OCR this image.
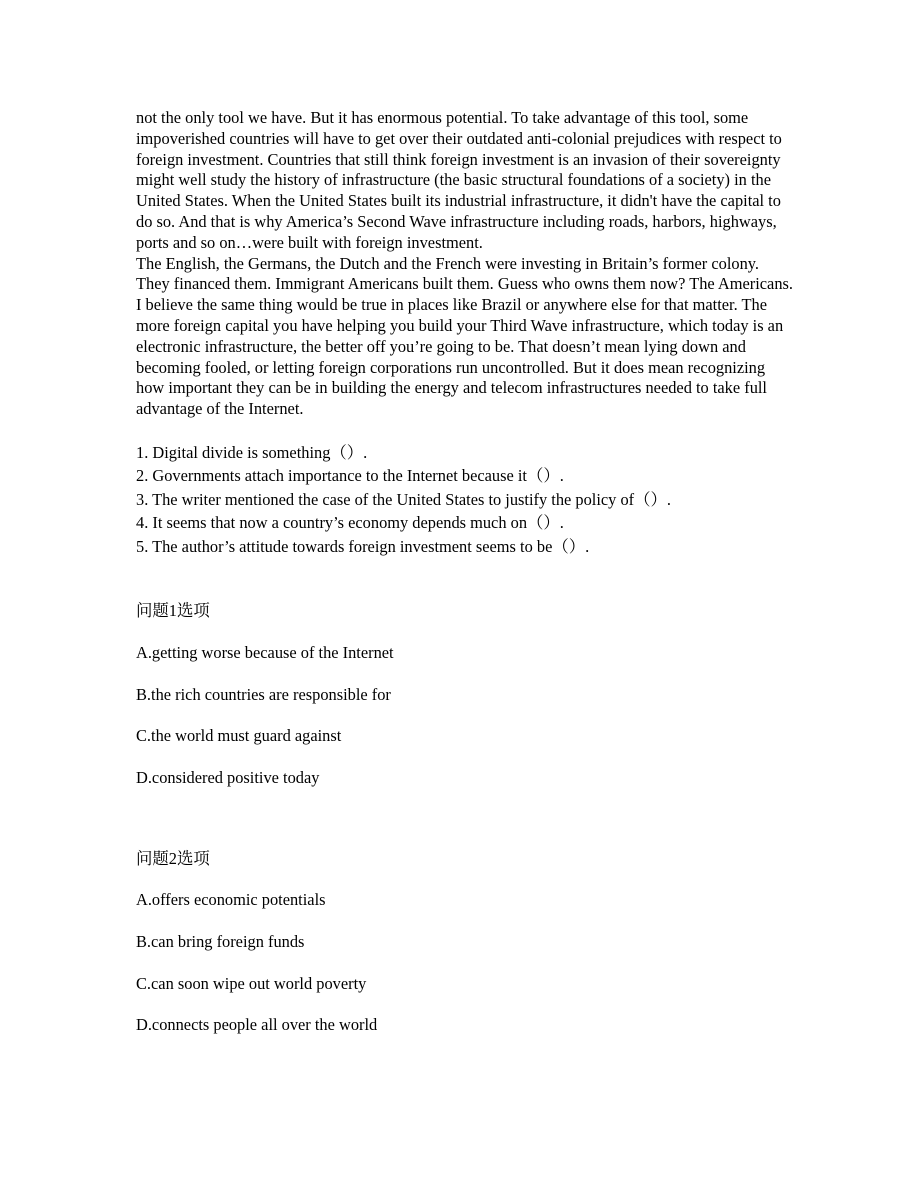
not the only tool we have. But it has enormous potential. To take advantage of this tool, some impoverished countries will have to get over their outdated anti-colonial prejudices with respect to foreign investment. Countries that still think foreign investment is an invasion of their sovereignty might well study the history of infrastructure (the basic structural foundations of a society) in the United States. When the United States built its industrial infrastructure, it didn't have the capital to do so. And that is why America’s Second Wave infrastructure including roads, harbors, highways, ports and so on…were built with foreign investment.

The English, the Germans, the Dutch and the French were investing in Britain’s former colony. They financed them. Immigrant Americans built them. Guess who owns them now? The Americans. I believe the same thing would be true in places like Brazil or anywhere else for that matter. The more foreign capital you have helping you build your Third Wave infrastructure, which today is an electronic infrastructure, the better off you’re going to be. That doesn’t mean lying down and becoming fooled, or letting foreign corporations run uncontrolled. But it does mean recognizing how important they can be in building the energy and telecom infrastructures needed to take full advantage of the Internet.

1. Digital divide is something（）.
2. Governments attach importance to the Internet because it（）.
3. The writer mentioned the case of the United States to justify the policy of（）.
4. It seems that now a country’s economy depends much on（）.
5. The author’s attitude towards foreign investment seems to be（）.
问题1选项
A.getting worse because of the Internet
B.the rich countries are responsible for
C.the world must guard against
D.considered positive today
问题2选项
A.offers economic potentials
B.can bring foreign funds
C.can soon wipe out world poverty
D.connects people all over the world
